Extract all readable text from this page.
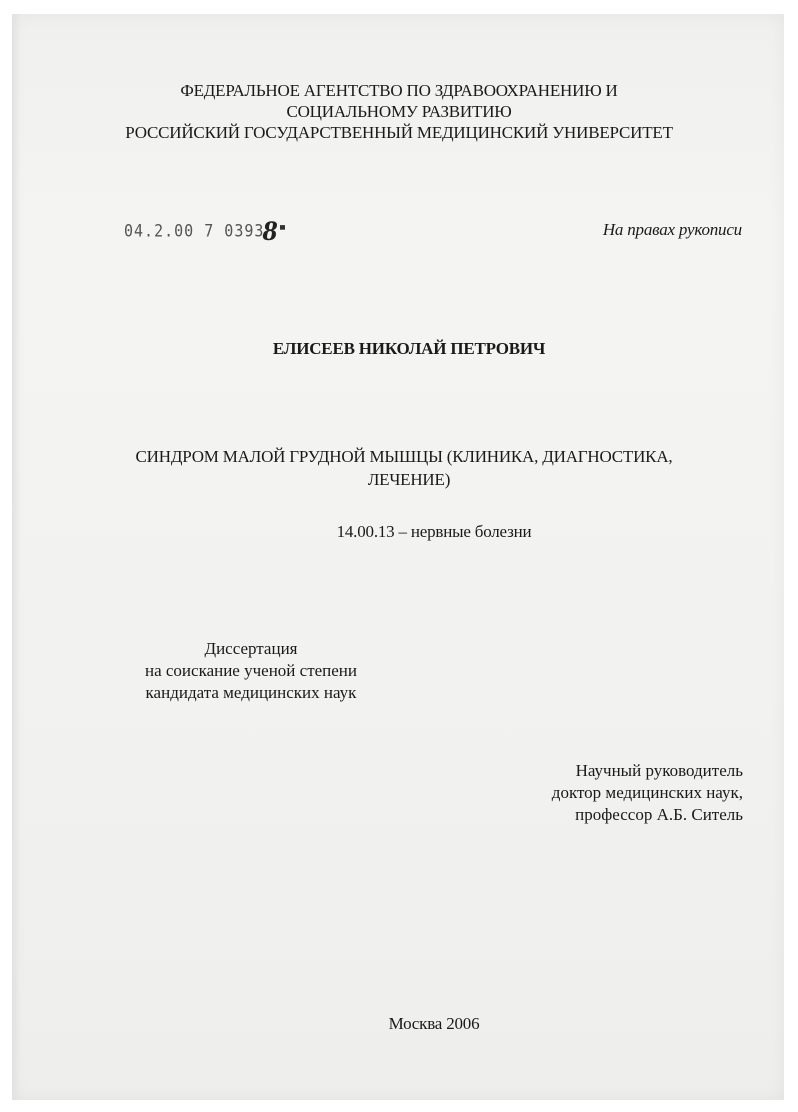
ФЕДЕРАЛЬНОЕ АГЕНТСТВО ПО ЗДРАВООХРАНЕНИЮ И
СОЦИАЛЬНОМУ РАЗВИТИЮ
РОССИЙСКИЙ ГОСУДАРСТВЕННЫЙ МЕДИЦИНСКИЙ УНИВЕРСИТЕТ
04.2.00 7 03938	На правах рукописи
ЕЛИСЕЕВ НИКОЛАЙ ПЕТРОВИЧ
СИНДРОМ МАЛОЙ ГРУДНОЙ МЫШЦЫ (КЛИНИКА, ДИАГНОСТИКА,
ЛЕЧЕНИЕ)
14.00.13 – нервные болезни
Диссертация
на соискание ученой степени
кандидата медицинских наук
Научный руководитель
доктор медицинских наук,
профессор А.Б. Ситель
Москва 2006
